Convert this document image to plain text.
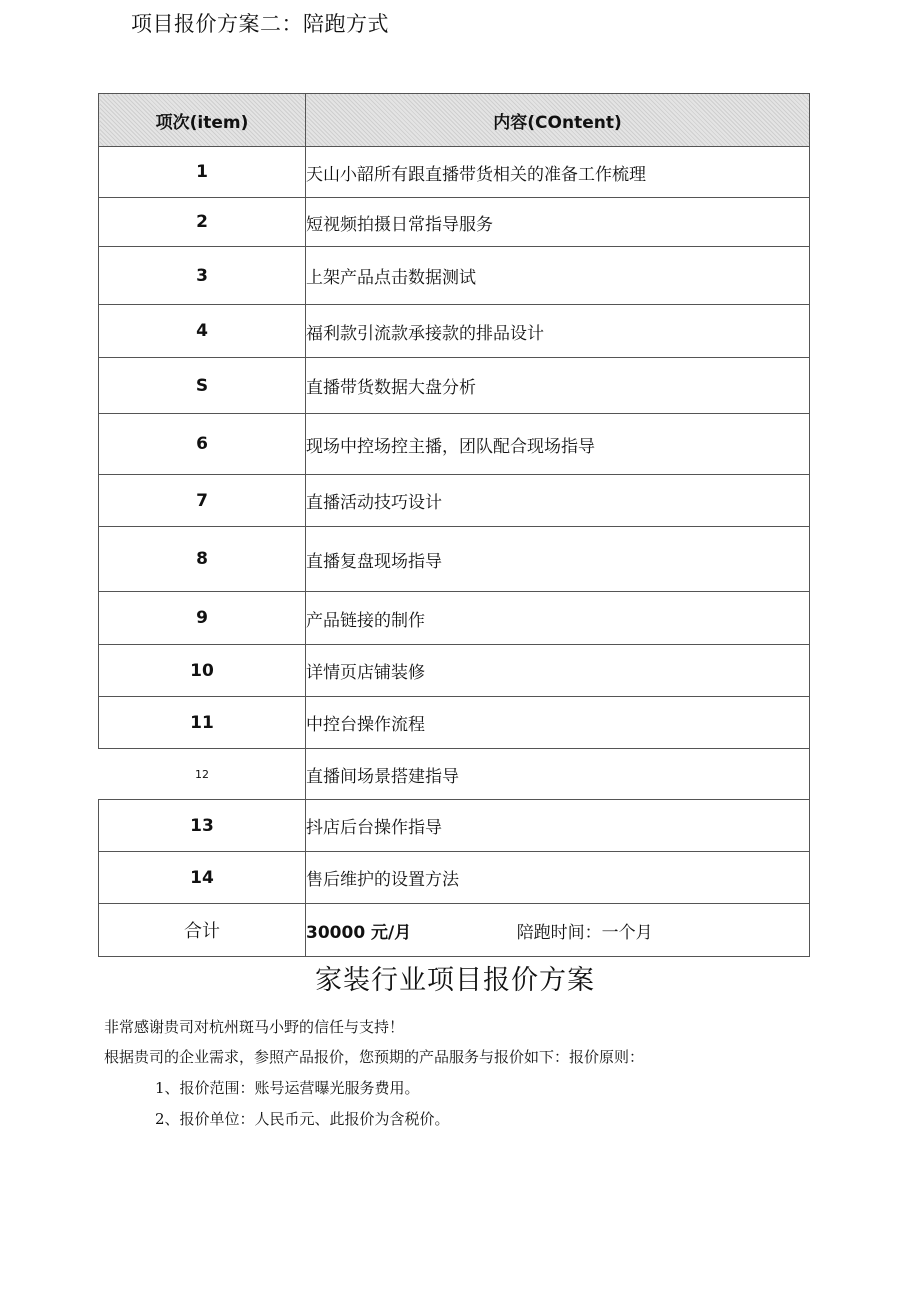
项目报价方案二：陪跑方式
项次(item)	内容(COntent)
1	天山小韶所有跟直播带货相关的准备工作梳理
2	短视频拍摄日常指导服务
3	上架产品点击数据测试
4	福利款引流款承接款的排品设计
S	直播带货数据大盘分析
6	现场中控场控主播，团队配合现场指导
7	直播活动技巧设计
8	直播复盘现场指导
9	产品链接的制作
10	详情页店铺装修
11	中控台操作流程
12	直播间场景搭建指导
13	抖店后台操作指导
14	售后维护的设置方法
合计	30000 元/月 陪跑时间：一个月
家装行业项目报价方案
非常感谢贵司对杭州斑马小野的信任与支持！
根据贵司的企业需求，参照产品报价，您预期的产品服务与报价如下：报价原则：
1、报价范围：账号运营曝光服务费用。
2、报价单位：人民币元、此报价为含税价。
